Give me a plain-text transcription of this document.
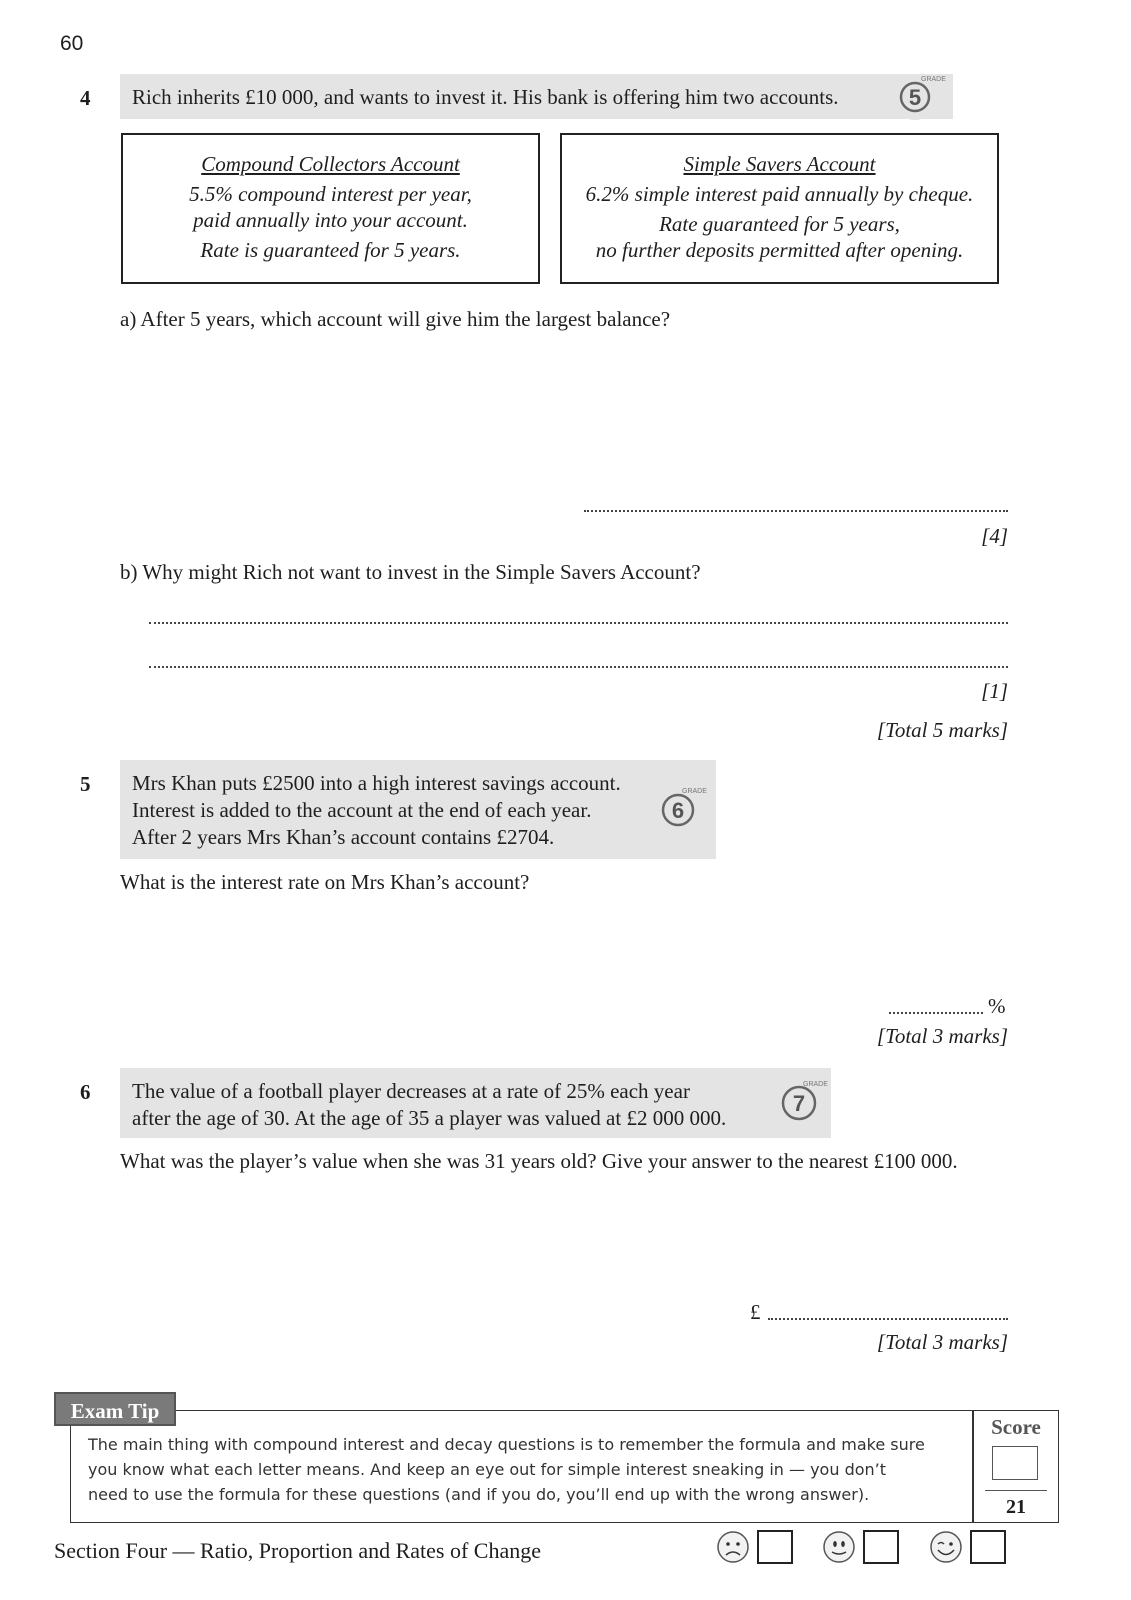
60
4 Rich inherits £10 000, and wants to invest it. His bank is offering him two accounts.	5
GRADE
Compound Collectors Account
5.5% compound interest per year,
paid annually into your account.
Rate is guaranteed for 5 years.
Simple Savers Account
6.2% simple interest paid annually by cheque.
Rate guaranteed for 5 years,
no further deposits permitted after opening.
a) After 5 years, which account will give him the largest balance?
[4]
b) Why might Rich not want to invest in the Simple Savers Account?
[1]
[Total 5 marks]
5 Mrs Khan puts £2500 into a high interest savings account.
Interest is added to the account at the end of each year.
After 2 years Mrs Khan’s account contains £2704.
6
GRADE
What is the interest rate on Mrs Khan’s account?
%
[Total 3 marks]
6 The value of a football player decreases at a rate of 25% each year
after the age of 30. At the age of 35 a player was valued at £2 000 000.
7
GRADE
What was the player’s value when she was 31 years old? Give your answer to the nearest £100 000.
£
[Total 3 marks]
Exam Tip
The main thing with compound interest and decay questions is to remember the formula and make sure
you know what each letter means. And keep an eye out for simple interest sneaking in — you don’t
need to use the formula for these questions (and if you do, you’ll end up with the wrong answer).
Score
21
Section Four — Ratio, Proportion and Rates of Change
